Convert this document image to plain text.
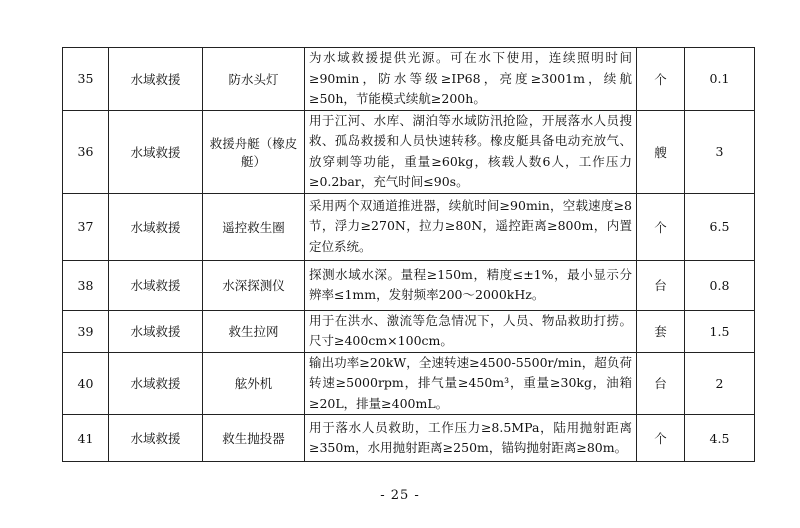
35	水域救援	防水头灯	为水域救援提供光源。可在水下使用，连续照明时间≥90min，防水等级≥IP68，亮度≥3001m，续航≥50h，节能模式续航≥200h。	个	0.1
36	水域救援	救援舟艇（橡皮艇）	用于江河、水库、湖泊等水域防汛抢险，开展落水人员搜救、孤岛救援和人员快速转移。橡皮艇具备电动充放气、放穿刺等功能，重量≥60kg，核载人数6人，工作压力≥0.2bar，充气时间≤90s。	艘	3
37	水域救援	遥控救生圈	采用两个双通道推进器，续航时间≥90min，空载速度≥8节，浮力≥270N，拉力≥80N，遥控距离≥800m，内置定位系统。	个	6.5
38	水域救援	水深探测仪	探测水域水深。量程≥150m，精度≤±1%，最小显示分辨率≤1mm，发射频率200～2000kHz。	台	0.8
39	水域救援	救生拉网	用于在洪水、激流等危急情况下，人员、物品救助打捞。尺寸≥400cm×100cm。	套	1.5
40	水域救援	舷外机	输出功率≥20kW，全速转速≥4500-5500r/min，超负荷转速≥5000rpm，排气量≥450m³，重量≥30kg，油箱≥20L，排量≥400mL。	台	2
41	水域救援	救生抛投器	用于落水人员救助，工作压力≥8.5MPa，陆用抛射距离≥350m，水用抛射距离≥250m，锚钩抛射距离≥80m。	个	4.5
- 25 -
